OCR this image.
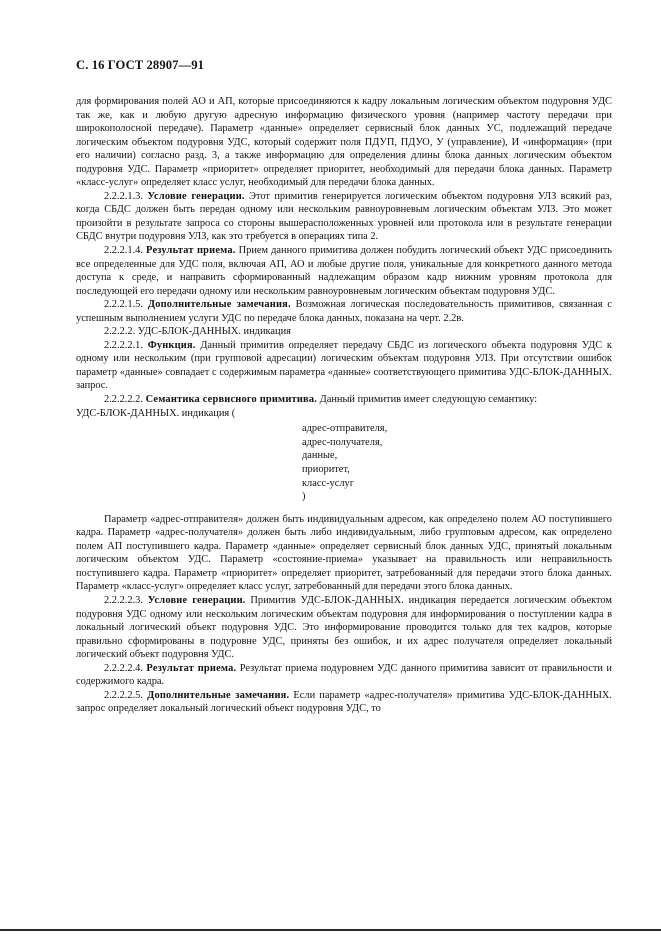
С. 16 ГОСТ 28907—91

для формирования полей АО и АП, которые присоединяются к кадру локальным логическим объектом подуровня УДС так же, как и любую другую адресную информацию физического уровня (например частоту передачи при широкополосной передаче). Параметр «данные» определяет сервисный блок данных УС, подлежащий передаче логическим объектом подуровня УДС, который содержит поля ПДУП, ПДУО, У (управление), И «информация» (при его наличии) согласно разд. 3, а также информацию для определения длины блока данных логическим объектом подуровня УДС. Параметр «приоритет» определяет приоритет, необходимый для передачи блока данных. Параметр «класс-услуг» определяет класс услуг, необходимый для передачи блока данных.

2.2.2.1.3. Условие генерации. Этот примитив генерируется логическим объектом подуровня УЛЗ всякий раз, когда СБДС должен быть передан одному или нескольким равноуровневым логическим объектам УЛЗ. Это может произойти в результате запроса со стороны вышерасположенных уровней или протокола или в результате генерации СБДС внутри подуровня УЛЗ, как это требуется в операциях типа 2.

2.2.2.1.4. Результат приема. Прием данного примитива должен побудить логический объект УДС присоединить все определенные для УДС поля, включая АП, АО и любые другие поля, уникальные для конкретного данного метода доступа к среде, и направить сформированный надлежащим образом кадр нижним уровням протокола для последующей его передачи одному или нескольким равноуровневым логическим объектам подуровня УДС.

2.2.2.1.5. Дополнительные замечания. Возможная логическая последовательность примитивов, связанная с успешным выполнением услуги УДС по передаче блока данных, показана на черт. 2.2в.

2.2.2.2. УДС-БЛОК-ДАННЫХ. индикация

2.2.2.2.1. Функция. Данный примитив определяет передачу СБДС из логического объекта подуровня УДС к одному или нескольким (при групповой адресации) логическим объектам подуровня УЛЗ. При отсутствии ошибок параметр «данные» совпадает с содержимым параметра «данные» соответствующего примитива УДС-БЛОК-ДАННЫХ. запрос.

2.2.2.2.2. Семантика сервисного примитива. Данный примитив имеет следующую семантику:

УДС-БЛОК-ДАННЫХ. индикация (

адрес-отправителя,
адрес-получателя,
данные,
приоритет,
класс-услуг
)

Параметр «адрес-отправителя» должен быть индивидуальным адресом, как определено полем АО поступившего кадра. Параметр «адрес-получателя» должен быть либо индивидуальным, либо групповым адресом, как определено полем АП поступившего кадра. Параметр «данные» определяет сервисный блок данных УДС, принятый локальным логическим объектом УДС. Параметр «состояние-приема» указывает на правильность или неправильность поступившего кадра. Параметр «приоритет» определяет приоритет, затребованный для передачи этого блока данных. Параметр «класс-услуг» определяет класс услуг, затребованный для передачи этого блока данных.

2.2.2.2.3. Условие генерации. Примитив УДС-БЛОК-ДАННЫХ. индикация передается логическим объектом подуровня УДС одному или нескольким логическим объектам подуровня для информирования о поступлении кадра в локальный логический объект подуровня УДС. Это информирование проводится только для тех кадров, которые правильно сформированы в подуровне УДС, приняты без ошибок, и их адрес получателя определяет локальный логический объект подуровня УДС.

2.2.2.2.4. Результат приема. Результат приема подуровнем УДС данного примитива зависит от правильности и содержимого кадра.

2.2.2.2.5. Дополнительные замечания. Если параметр «адрес-получателя» примитива УДС-БЛОК-ДАННЫХ. запрос определяет локальный логический объект подуровня УДС, то
